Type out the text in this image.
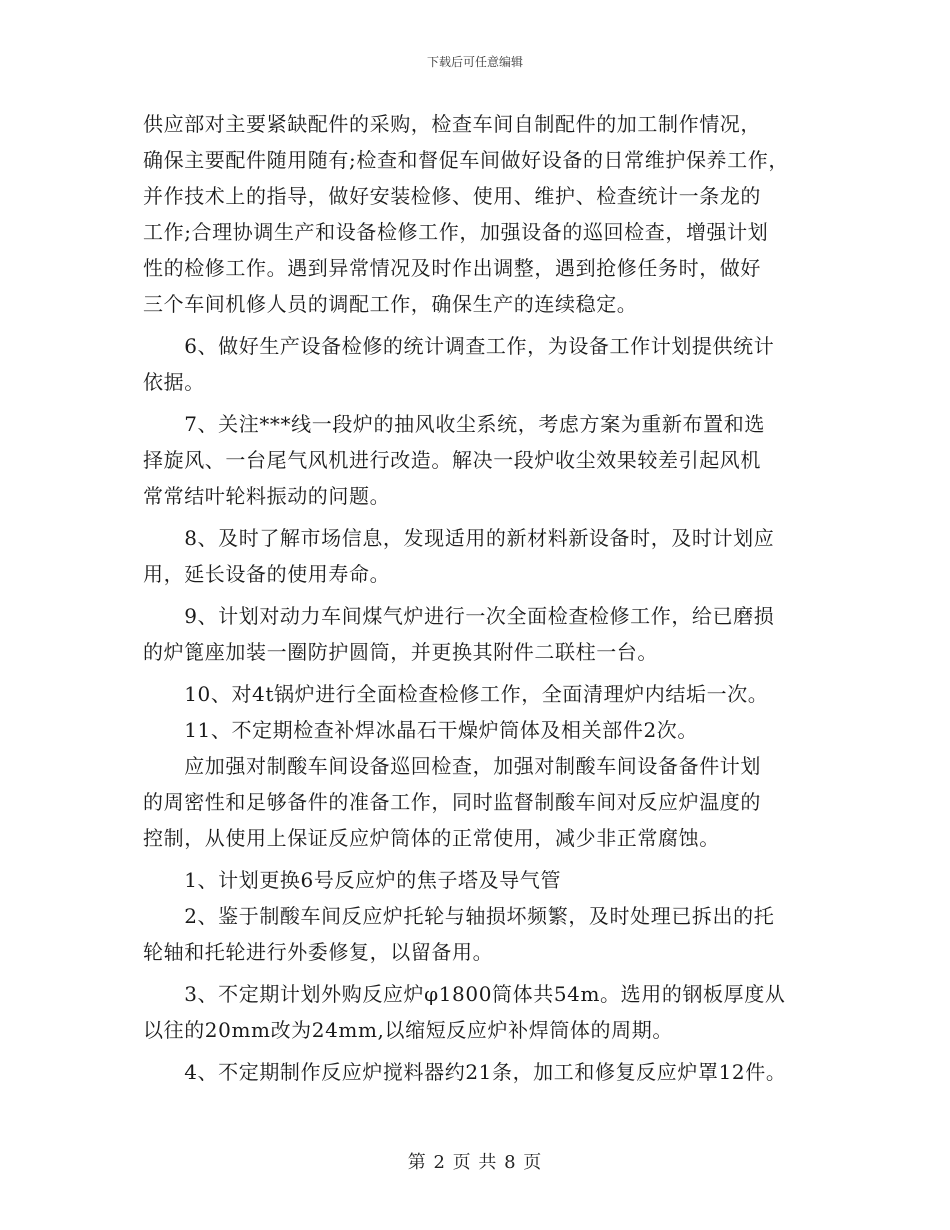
下载后可任意编辑
供应部对主要紧缺配件的采购，检查车间自制配件的加工制作情况，
确保主要配件随用随有;检查和督促车间做好设备的日常维护保养工作，
并作技术上的指导，做好安装检修、使用、维护、检查统计一条龙的
工作;合理协调生产和设备检修工作，加强设备的巡回检查，增强计划
性的检修工作。遇到异常情况及时作出调整，遇到抢修任务时，做好
三个车间机修人员的调配工作，确保生产的连续稳定。
　　6、做好生产设备检修的统计调查工作，为设备工作计划提供统计
依据。
　　7、关注***线一段炉的抽风收尘系统，考虑方案为重新布置和选
择旋风、一台尾气风机进行改造。解决一段炉收尘效果较差引起风机
常常结叶轮料振动的问题。
　　8、及时了解市场信息，发现适用的新材料新设备时，及时计划应
用，延长设备的使用寿命。
　　9、计划对动力车间煤气炉进行一次全面检查检修工作，给已磨损
的炉篦座加装一圈防护圆筒，并更换其附件二联柱一台。
　　10、对4t锅炉进行全面检查检修工作，全面清理炉内结垢一次。
　　11、不定期检查补焊冰晶石干燥炉筒体及相关部件2次。
　　应加强对制酸车间设备巡回检查，加强对制酸车间设备备件计划
的周密性和足够备件的准备工作，同时监督制酸车间对反应炉温度的
控制，从使用上保证反应炉筒体的正常使用，减少非正常腐蚀。
　　1、计划更换6号反应炉的焦子塔及导气管
　　2、鉴于制酸车间反应炉托轮与轴损坏频繁，及时处理已拆出的托
轮轴和托轮进行外委修复，以留备用。
　　3、不定期计划外购反应炉φ1800筒体共54m。选用的钢板厚度从
以往的20mm改为24mm,以缩短反应炉补焊筒体的周期。
　　4、不定期制作反应炉搅料器约21条，加工和修复反应炉罩12件。
第 2 页 共 8 页
